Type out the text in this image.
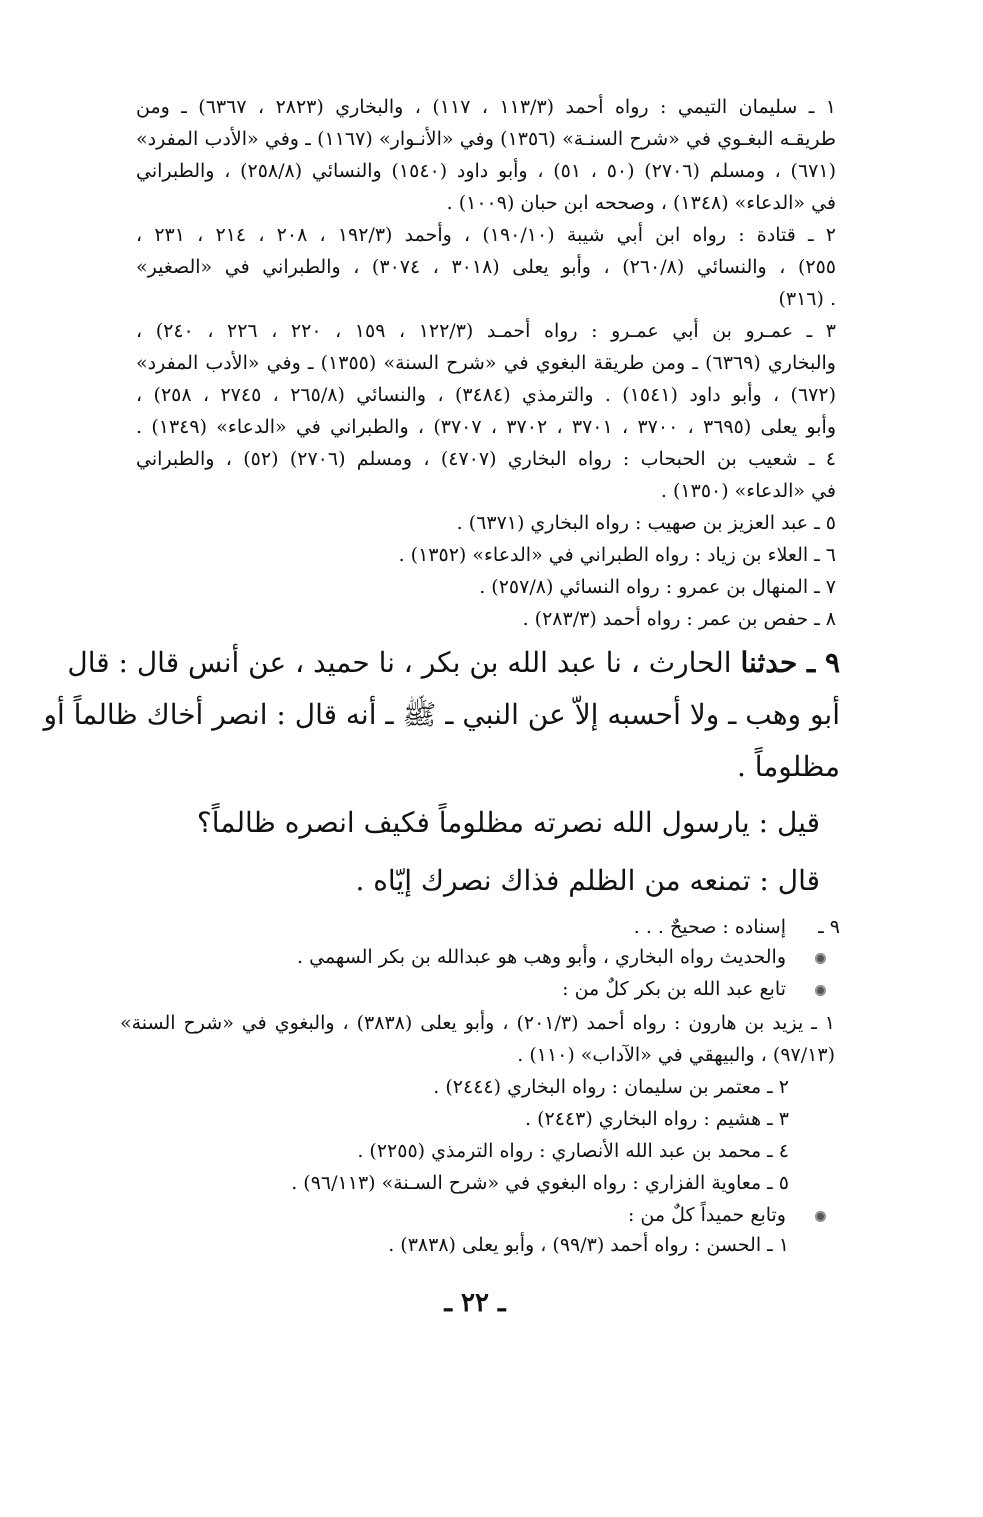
١ ـ سليمان التيمي : رواه أحمد (١١٣/٣ ، ١١٧) ، والبخاري (٢٨٢٣ ، ٦٣٦٧) ـ ومن
طريقـه البغـوي في «شرح السنـة» (١٣٥٦) وفي «الأنـوار» (١١٦٧) ـ وفي «الأدب المفرد»
(٦٧١) ، ومسلم (٢٧٠٦) (٥٠ ، ٥١) ، وأبو داود (١٥٤٠) والنسائي (٢٥٨/٨) ، والطبراني
في «الدعاء» (١٣٤٨) ، وصححه ابن حبان (١٠٠٩) .
٢ ـ قتادة : رواه ابن أبي شيبة (١٩٠/١٠) ، وأحمد (١٩٢/٣ ، ٢٠٨ ، ٢١٤ ، ٢٣١ ،
٢٥٥) ، والنسائي (٢٦٠/٨) ، وأبو يعلى (٣٠١٨ ، ٣٠٧٤) ، والطبراني في «الصغير»
(٣١٦) .
٣ ـ عمـرو بن أبي عمـرو : رواه أحمـد (١٢٢/٣ ، ١٥٩ ، ٢٢٠ ، ٢٢٦ ، ٢٤٠) ،
والبخاري (٦٣٦٩) ـ ومن طريقة البغوي في «شرح السنة» (١٣٥٥) ـ وفي «الأدب المفرد»
(٦٧٢) ، وأبو داود (١٥٤١) . والترمذي (٣٤٨٤) ، والنسائي (٢٦٥/٨ ، ٢٧٤٥ ، ٢٥٨) ،
وأبو يعلى (٣٦٩٥ ، ٣٧٠٠ ، ٣٧٠١ ، ٣٧٠٢ ، ٣٧٠٧) ، والطبراني في «الدعاء» (١٣٤٩) .
٤ ـ شعيب بن الحبحاب : رواه البخاري (٤٧٠٧) ، ومسلم (٢٧٠٦) (٥٢) ، والطبراني
في «الدعاء» (١٣٥٠) .
٥ ـ عبد العزيز بن صهيب : رواه البخاري (٦٣٧١) .
٦ ـ العلاء بن زياد : رواه الطبراني في «الدعاء» (١٣٥٢) .
٧ ـ المنهال بن عمرو : رواه النسائي (٢٥٧/٨) .
٨ ـ حفص بن عمر : رواه أحمد (٢٨٣/٣) .
٩ ـ حدثنا الحارث ، نا عبد الله بن بكر ، نا حميد ، عن أنس قال : قال
أبو وهب ـ ولا أحسبه إلاّ عن النبي ـ ﷺ ـ أنه قال : انصر أخاك ظالماً أو
مظلوماً .
قيل : يارسول الله نصرته مظلوماً فكيف انصره ظالماً؟
قال : تمنعه من الظلم فذاك نصرك إيّاه .
٩ ـ
إسناده : صحيحٌ . . .
والحديث رواه البخاري ، وأبو وهب هو عبدالله بن بكر السهمي .
تابع عبد الله بن بكر كلٌ من :
١ ـ يزيد بن هارون : رواه أحمد (٢٠١/٣) ، وأبو يعلى (٣٨٣٨) ، والبغوي في «شرح السنة»
(٩٧/١٣) ، والبيهقي في «الآداب» (١١٠) .
٢ ـ معتمر بن سليمان : رواه البخاري (٢٤٤٤) .
٣ ـ هشيم : رواه البخاري (٢٤٤٣) .
٤ ـ محمد بن عبد الله الأنصاري : رواه الترمذي (٢٢٥٥) .
٥ ـ معاوية الفزاري : رواه البغوي في «شرح السـنة» (٩٦/١١٣) .
وتابع حميداً كلٌ من :
١ ـ الحسن : رواه أحمد (٩٩/٣) ، وأبو يعلى (٣٨٣٨) .
ـ ٢٢ ـ
